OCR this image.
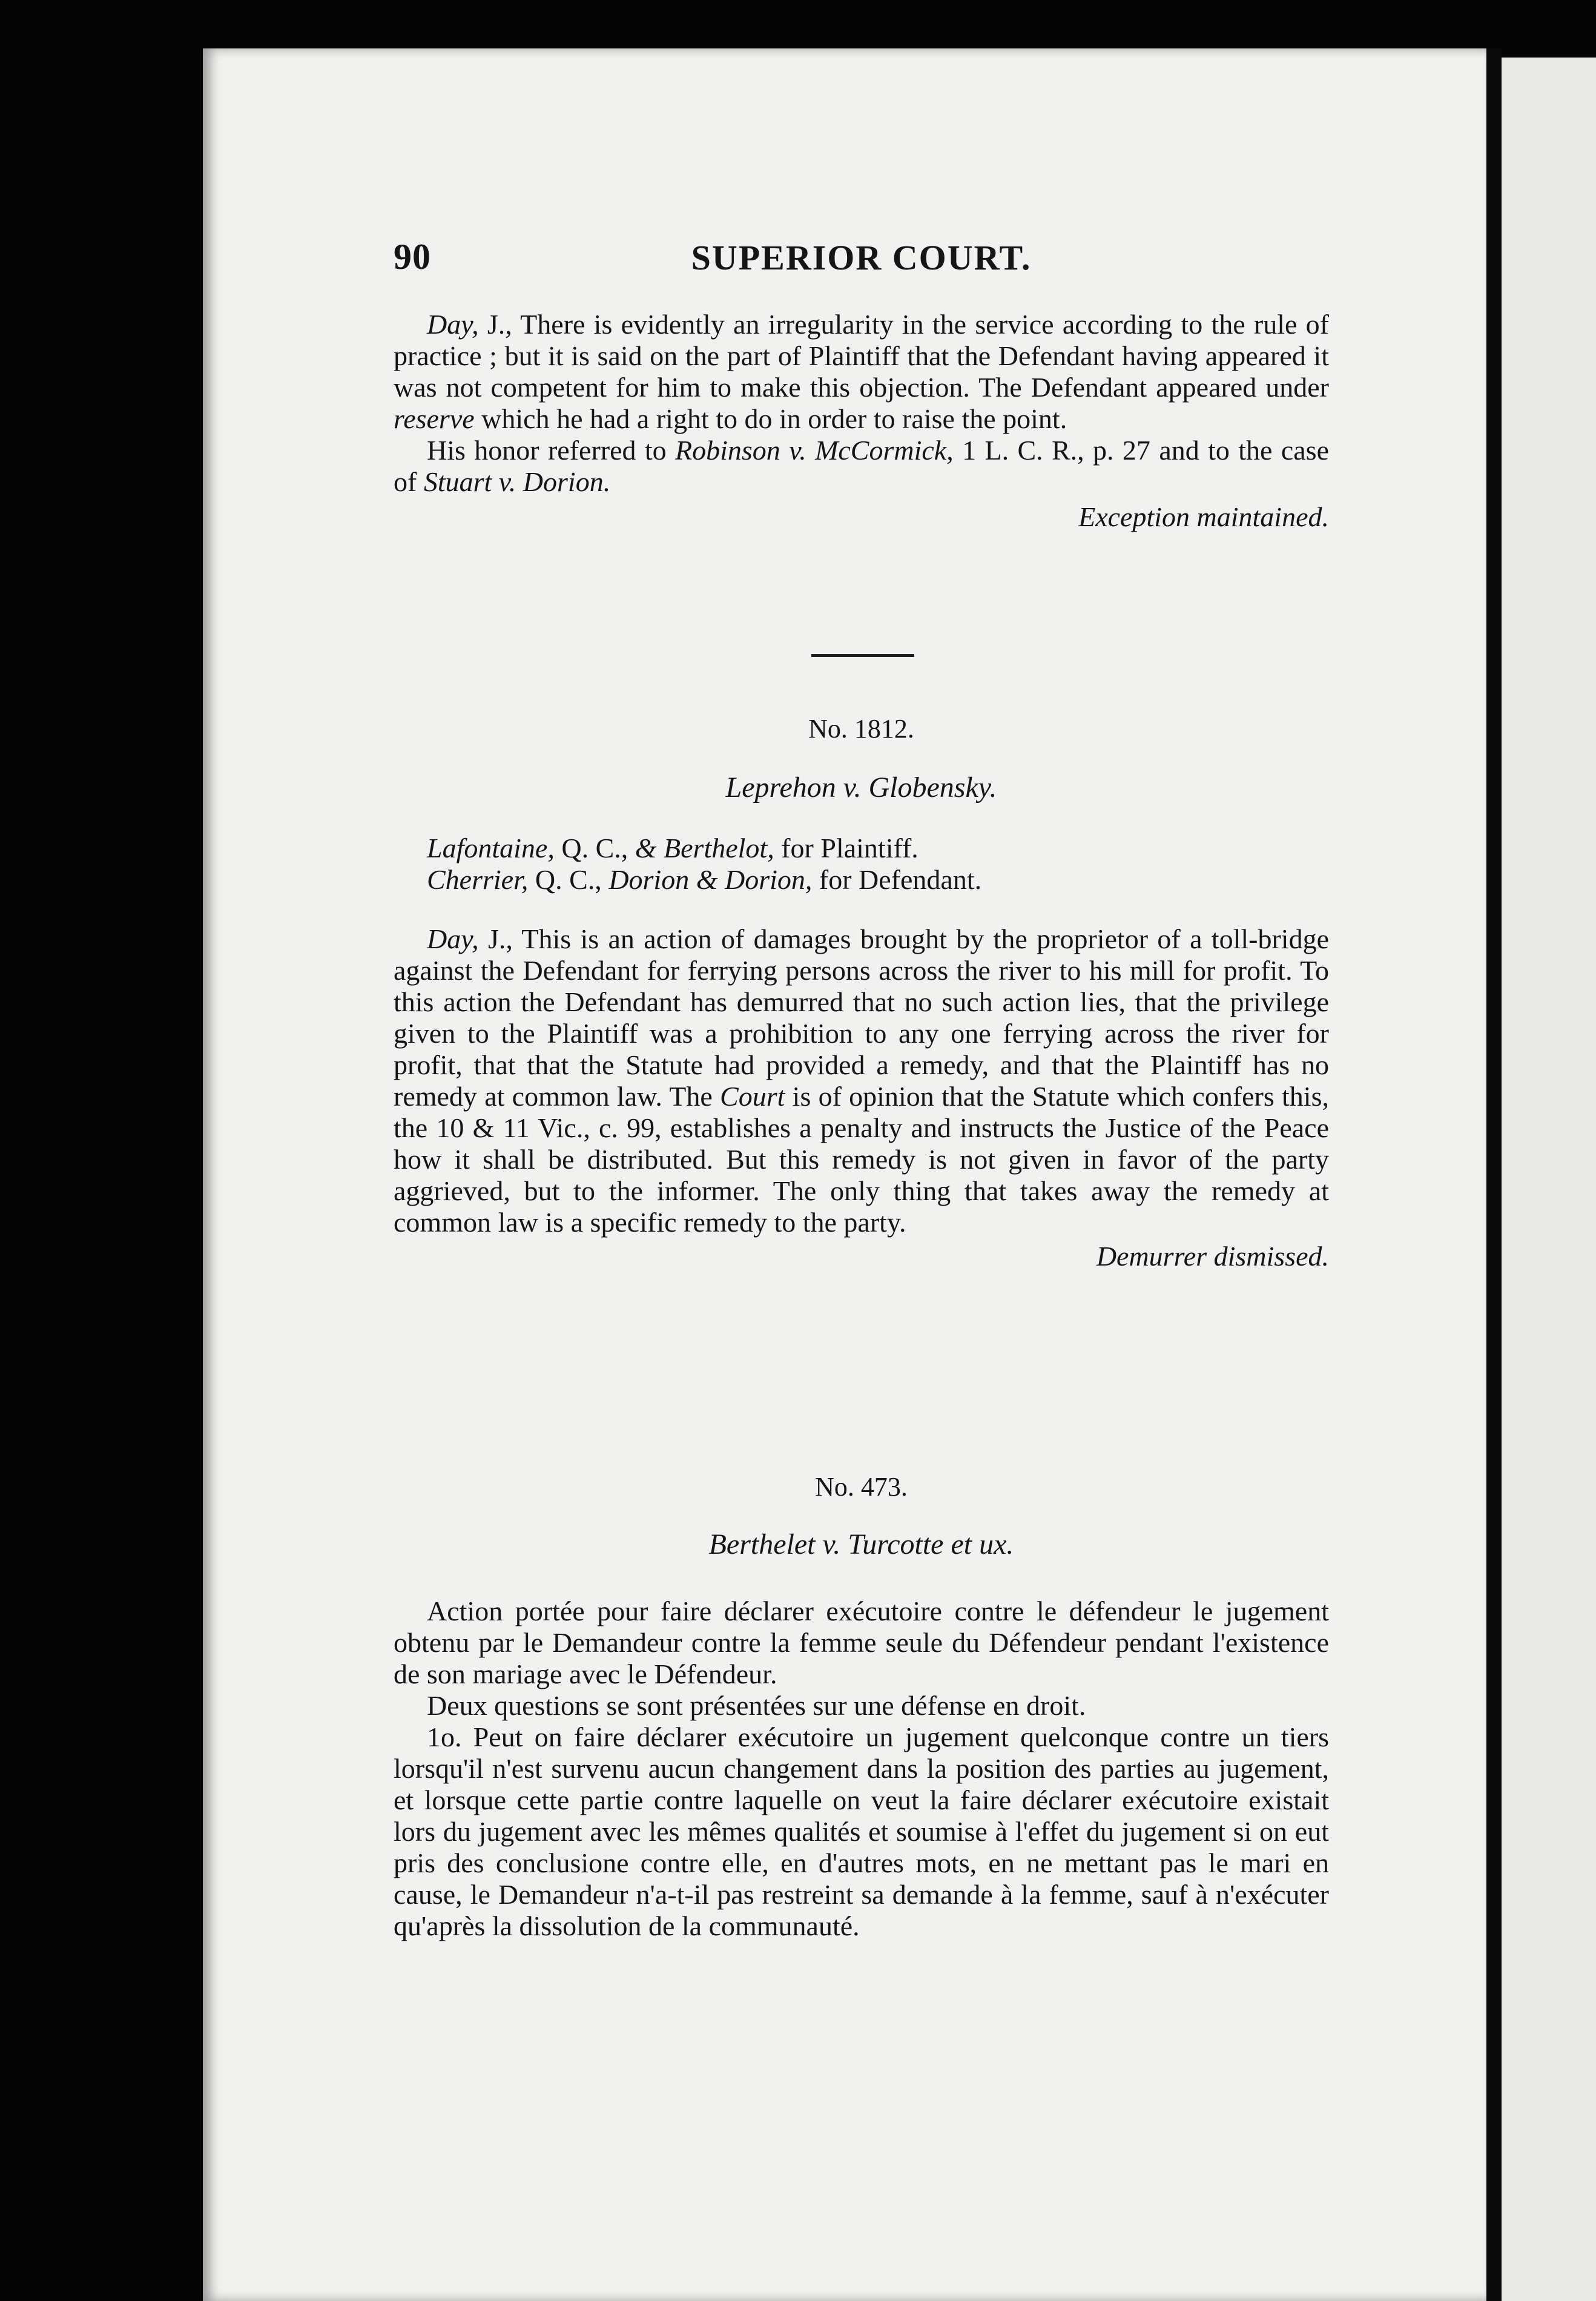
90	SUPERIOR COURT.

Day, J., There is evidently an irregularity in the service according to the rule of practice ; but it is said on the part of Plaintiff that the Defendant having appeared it was not competent for him to make this objection. The Defendant appeared under reserve which he had a right to do in order to raise the point.

His honor referred to Robinson v. McCormick, 1 L. C. R., p. 27 and to the case of Stuart v. Dorion.

Exception maintained.

No. 1812.
Leprehon v. Globensky.
Lafontaine, Q. C., & Berthelot, for Plaintiff.
Cherrier, Q. C., Dorion & Dorion, for Defendant.

Day, J., This is an action of damages brought by the proprietor of a toll-bridge against the Defendant for ferrying persons across the river to his mill for profit. To this action the Defendant has demurred that no such action lies, that the privilege given to the Plaintiff was a prohibition to any one ferrying across the river for profit, that that the Statute had provided a remedy, and that the Plaintiff has no remedy at common law. The Court is of opinion that the Statute which confers this, the 10 & 11 Vic., c. 99, establishes a penalty and instructs the Justice of the Peace how it shall be distributed. But this remedy is not given in favor of the party aggrieved, but to the informer. The only thing that takes away the remedy at common law is a specific remedy to the party.

Demurrer dismissed.

No. 473.
Berthelet v. Turcotte et ux.

Action portée pour faire déclarer exécutoire contre le défendeur le jugement obtenu par le Demandeur contre la femme seule du Défendeur pendant l'existence de son mariage avec le Défendeur.

Deux questions se sont présentées sur une défense en droit.

1o. Peut on faire déclarer exécutoire un jugement quelconque contre un tiers lorsqu'il n'est survenu aucun changement dans la position des parties au jugement, et lorsque cette partie contre laquelle on veut la faire déclarer exécutoire existait lors du jugement avec les mêmes qualités et soumise à l'effet du jugement si on eut pris des conclusione contre elle, en d'autres mots, en ne mettant pas le mari en cause, le Demandeur n'a-t-il pas restreint sa demande à la femme, sauf à n'exécuter qu'après la dissolution de la communauté.
